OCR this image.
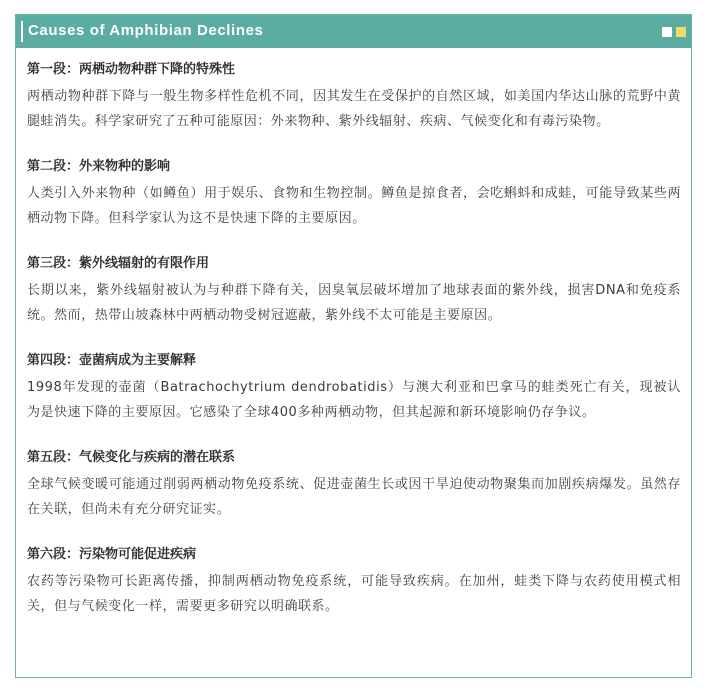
Causes of Amphibian Declines
第一段：两栖动物种群下降的特殊性

两栖动物种群下降与一般生物多样性危机不同，因其发生在受保护的自然区域，如美国内华达山脉的荒野中黄腿蛙消失。科学家研究了五种可能原因：外来物种、紫外线辐射、疾病、气候变化和有毒污染物。

第二段：外来物种的影响

人类引入外来物种（如鳟鱼）用于娱乐、食物和生物控制。鳟鱼是掠食者，会吃蝌蚪和成蛙，可能导致某些两栖动物下降。但科学家认为这不是快速下降的主要原因。

第三段：紫外线辐射的有限作用

长期以来，紫外线辐射被认为与种群下降有关，因臭氧层破坏增加了地球表面的紫外线，损害DNA和免疫系统。然而，热带山坡森林中两栖动物受树冠遮蔽，紫外线不太可能是主要原因。

第四段：壶菌病成为主要解释

1998年发现的壶菌（Batrachochytrium dendrobatidis）与澳大利亚和巴拿马的蛙类死亡有关，现被认为是快速下降的主要原因。它感染了全球400多种两栖动物，但其起源和新环境影响仍存争议。

第五段：气候变化与疾病的潜在联系

全球气候变暖可能通过削弱两栖动物免疫系统、促进壶菌生长或因干旱迫使动物聚集而加剧疾病爆发。虽然存在关联，但尚未有充分研究证实。

第六段：污染物可能促进疾病

农药等污染物可长距离传播，抑制两栖动物免疫系统，可能导致疾病。在加州，蛙类下降与农药使用模式相关，但与气候变化一样，需要更多研究以明确联系。
